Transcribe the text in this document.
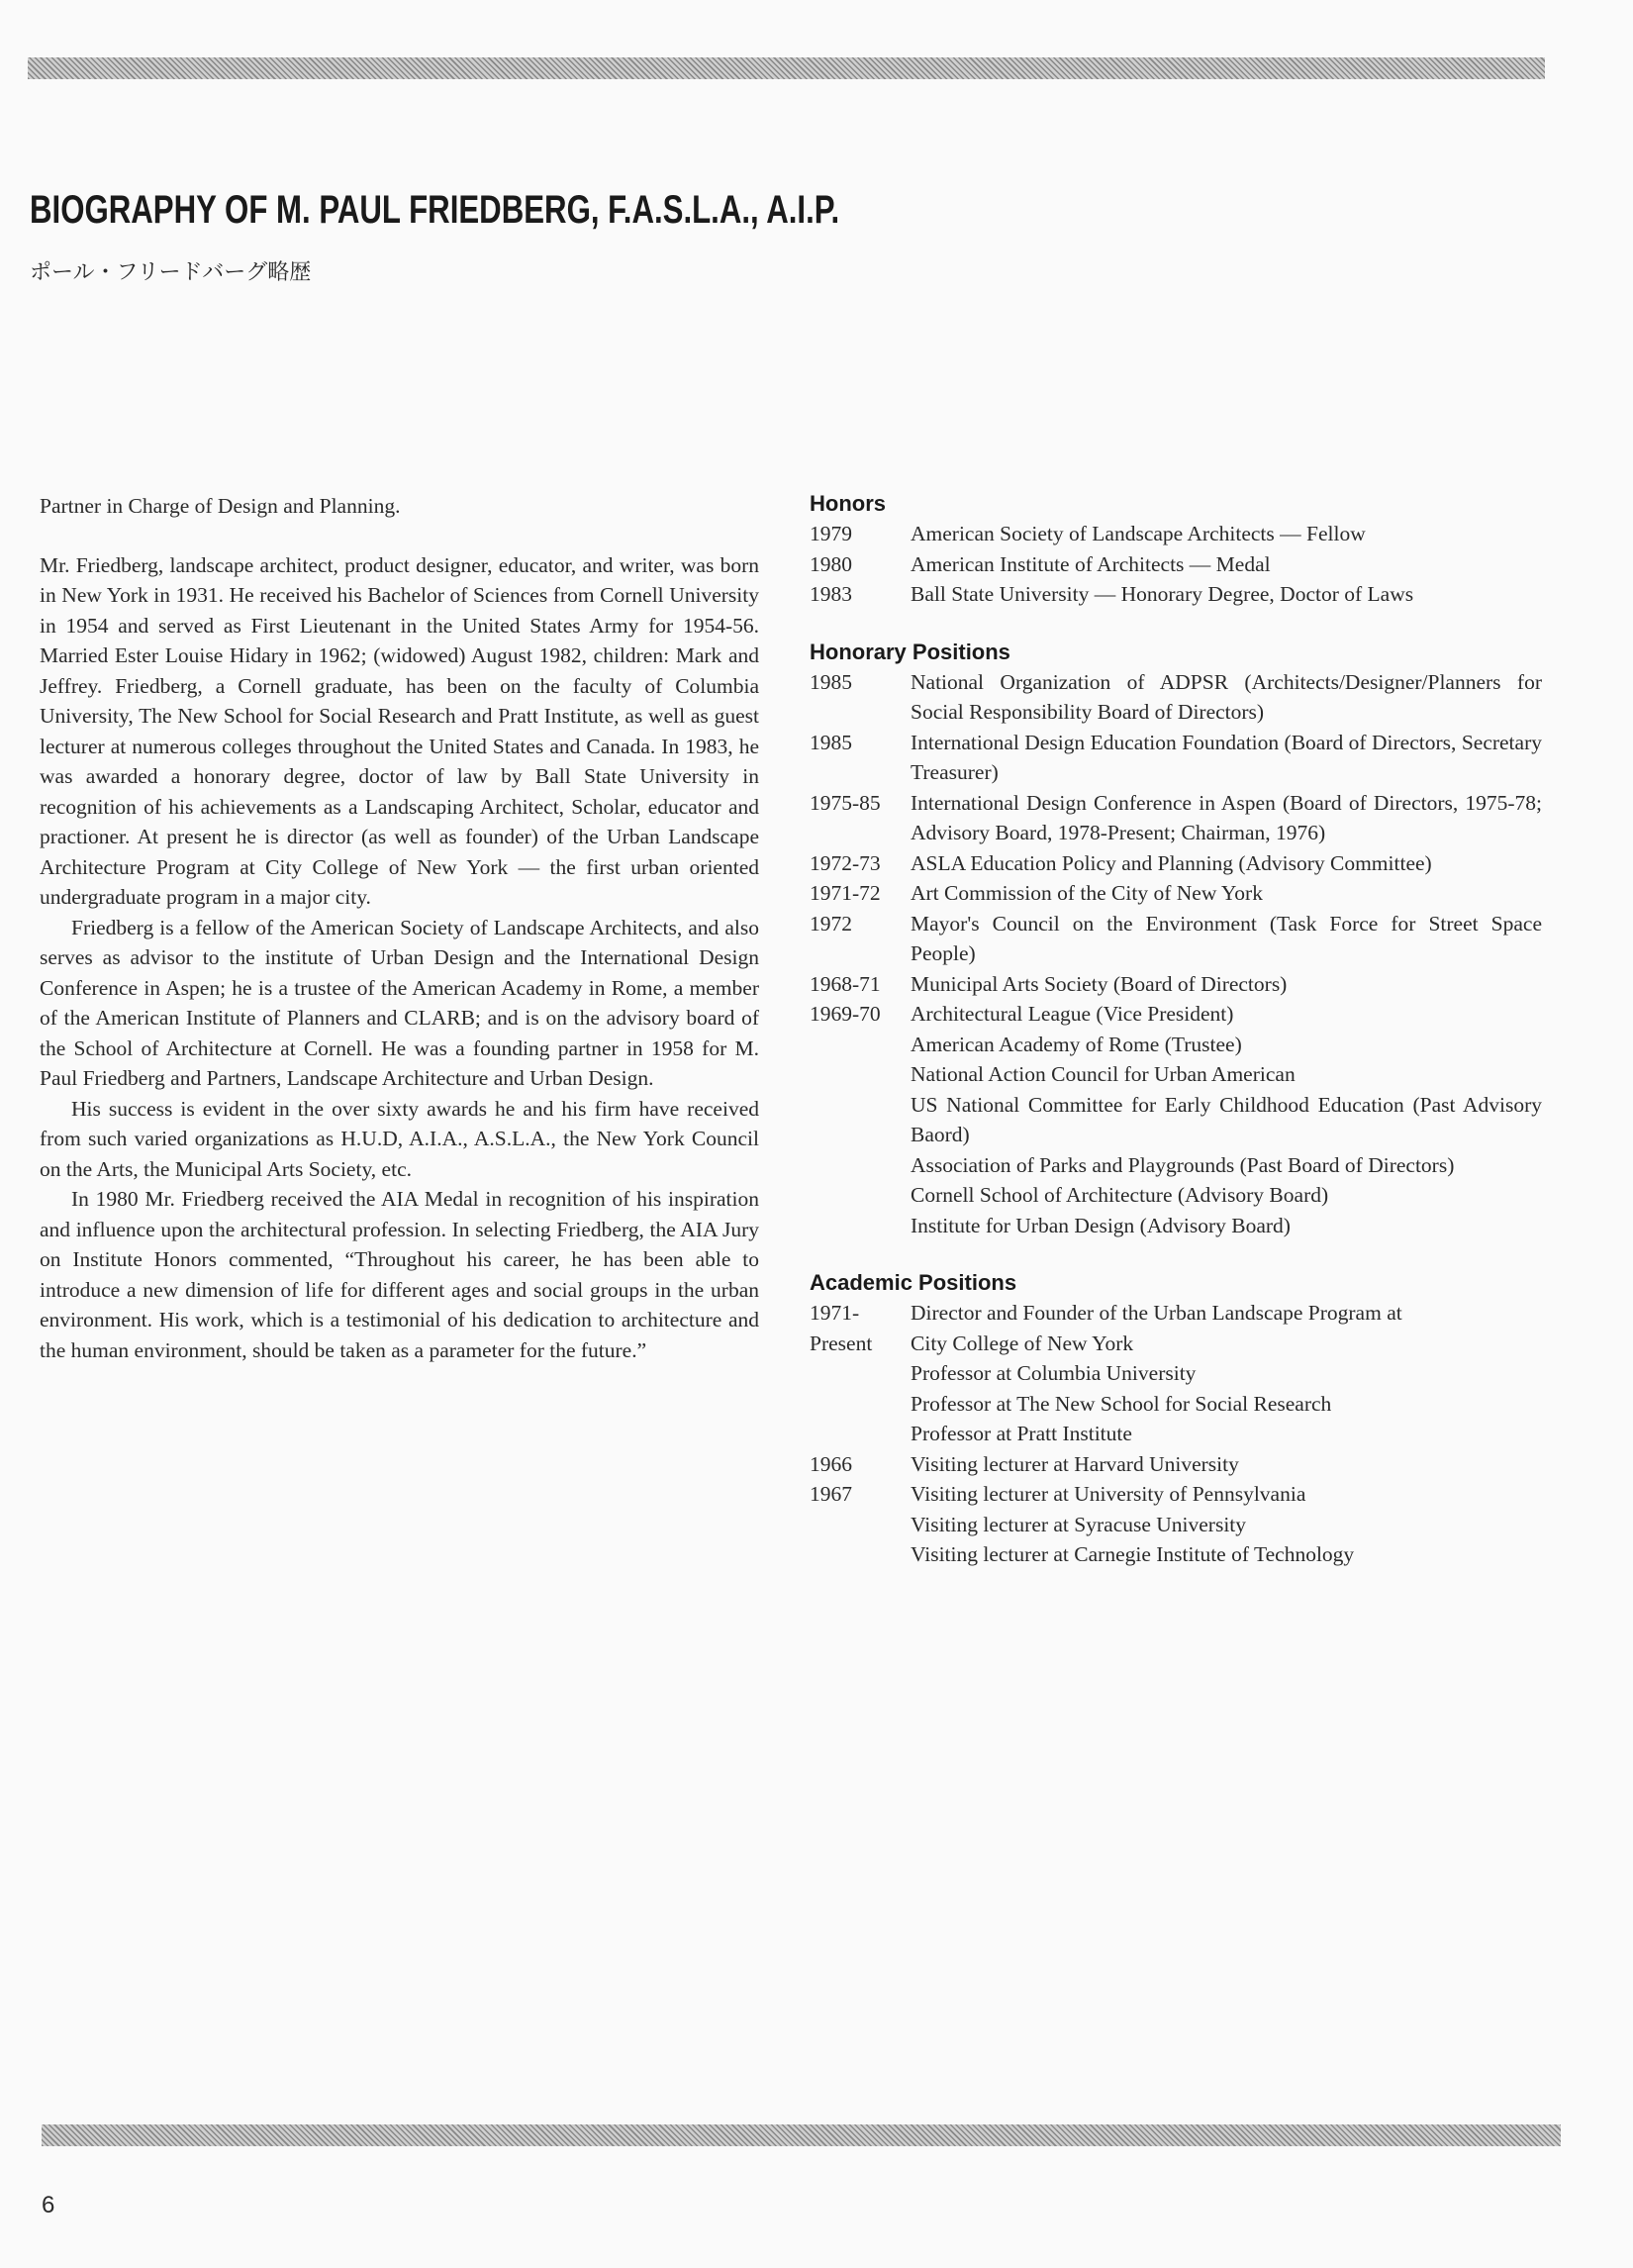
BIOGRAPHY OF M. PAUL FRIEDBERG, F.A.S.L.A., A.I.P.
ポール・フリードバーグ略歴

Partner in Charge of Design and Planning.

Mr. Friedberg, landscape architect, product designer, educator, and writer, was born in New York in 1931. He received his Bachelor of Sciences from Cornell University in 1954 and served as First Lieutenant in the United States Army for 1954-56. Married Ester Louise Hidary in 1962; (widowed) August 1982, children: Mark and Jeffrey. Friedberg, a Cornell graduate, has been on the faculty of Columbia University, The New School for Social Research and Pratt Institute, as well as guest lecturer at numerous colleges throughout the United States and Canada. In 1983, he was awarded a honorary degree, doctor of law by Ball State University in recognition of his achievements as a Landscaping Architect, Scholar, educator and practioner. At present he is director (as well as founder) of the Urban Landscape Architecture Program at City College of New York — the first urban oriented undergraduate program in a major city.

Friedberg is a fellow of the American Society of Landscape Architects, and also serves as advisor to the institute of Urban Design and the International Design Conference in Aspen; he is a trustee of the American Academy in Rome, a member of the American Institute of Planners and CLARB; and is on the advisory board of the School of Architecture at Cornell. He was a founding partner in 1958 for M. Paul Friedberg and Partners, Landscape Architecture and Urban Design.

His success is evident in the over sixty awards he and his firm have received from such varied organizations as H.U.D, A.I.A., A.S.L.A., the New York Council on the Arts, the Municipal Arts Society, etc.

In 1980 Mr. Friedberg received the AIA Medal in recognition of his inspiration and influence upon the architectural profession. In selecting Friedberg, the AIA Jury on Institute Honors commented, “Throughout his career, he has been able to introduce a new dimension of life for different ages and social groups in the urban environment. His work, which is a testimonial of his dedication to architecture and the human environment, should be taken as a parameter for the future.”

Honors
1979	American Society of Landscape Architects — Fellow
1980	American Institute of Architects — Medal
1983	Ball State University — Honorary Degree, Doctor of Laws
Honorary Positions
1985	National Organization of ADPSR (Architects/Designer/Planners for Social Responsibility Board of Directors)
1985	International Design Education Foundation (Board of Directors, Secretary Treasurer)
1975-85	International Design Conference in Aspen (Board of Directors, 1975-78; Advisory Board, 1978-Present; Chairman, 1976)
1972-73	ASLA Education Policy and Planning (Advisory Committee)
1971-72	Art Commission of the City of New York
1972	Mayor's Council on the Environment (Task Force for Street Space People)
1968-71	Municipal Arts Society (Board of Directors)
1969-70	Architectural League (Vice President)
American Academy of Rome (Trustee)
National Action Council for Urban American
US National Committee for Early Childhood Education (Past Advisory Baord)
Association of Parks and Playgrounds (Past Board of Directors)
Cornell School of Architecture (Advisory Board)
Institute for Urban Design (Advisory Board)
Academic Positions
1971-	Director and Founder of the Urban Landscape Program at
Present	City College of New York
Professor at Columbia University
Professor at The New School for Social Research
Professor at Pratt Institute
1966	Visiting lecturer at Harvard University
1967	Visiting lecturer at University of Pennsylvania
Visiting lecturer at Syracuse University
Visiting lecturer at Carnegie Institute of Technology
6
